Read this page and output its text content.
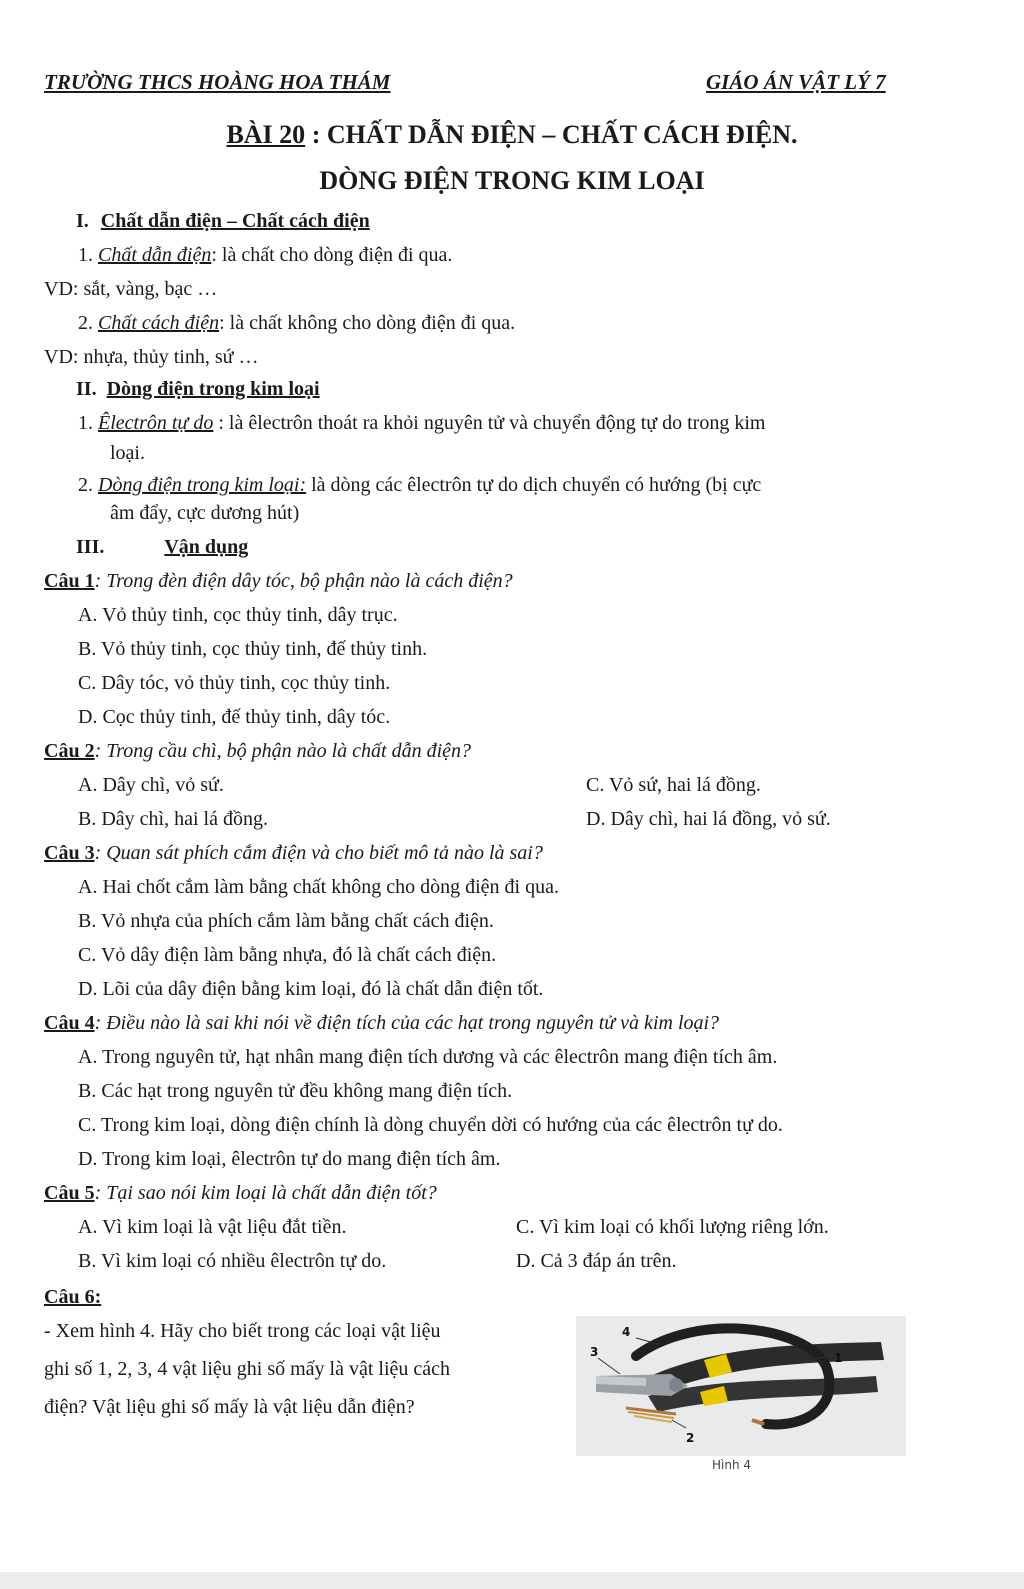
TRƯỜNG THCS HOÀNG HOA THÁM	GIÁO ÁN VẬT LÝ 7
BÀI 20 : CHẤT DẪN ĐIỆN – CHẤT CÁCH ĐIỆN.
DÒNG ĐIỆN TRONG KIM LOẠI
I. Chất dẫn điện – Chất cách điện
1. Chất dẫn điện: là chất cho dòng điện đi qua.
VD: sắt, vàng, bạc …
2. Chất cách điện: là chất không cho dòng điện đi qua.
VD: nhựa, thủy tinh, sứ …
II. Dòng điện trong kim loại
1. Êlectrôn tự do : là êlectrôn thoát ra khỏi nguyên tử và chuyển động tự do trong kim
loại.
2. Dòng điện trong kim loại: là dòng các êlectrôn tự do dịch chuyển có hướng (bị cực
âm đẩy, cực dương hút)
III.	Vận dụng
Câu 1: Trong đèn điện dây tóc, bộ phận nào là cách điện?
A. Vỏ thủy tinh, cọc thủy tinh, dây trục.
B. Vỏ thủy tinh, cọc thủy tinh, đế thủy tinh.
C. Dây tóc, vỏ thủy tinh, cọc thủy tinh.
D. Cọc thủy tinh, đế thủy tinh, dây tóc.
Câu 2: Trong cầu chì, bộ phận nào là chất dẫn điện?
A. Dây chì, vỏ sứ.	C. Vỏ sứ, hai lá đồng.
B. Dây chì, hai lá đồng.	D. Dây chì, hai lá đồng, vỏ sứ.
Câu 3: Quan sát phích cắm điện và cho biết mô tả nào là sai?
A. Hai chốt cắm làm bằng chất không cho dòng điện đi qua.
B. Vỏ nhựa của phích cắm làm bằng chất cách điện.
C. Vỏ dây điện làm bằng nhựa, đó là chất cách điện.
D. Lõi của dây điện bằng kim loại, đó là chất dẫn điện tốt.
Câu 4: Điều nào là sai khi nói về điện tích của các hạt trong nguyên tử và kim loại?
A. Trong nguyên tử, hạt nhân mang điện tích dương và các êlectrôn mang điện tích âm.
B. Các hạt trong nguyên tử đều không mang điện tích.
C. Trong kim loại, dòng điện chính là dòng chuyển dời có hướng của các êlectrôn tự do.
D. Trong kim loại, êlectrôn tự do mang điện tích âm.
Câu 5: Tại sao nói kim loại là chất dẫn điện tốt?
A. Vì kim loại là vật liệu đắt tiền.	C. Vì kim loại có khối lượng riêng lớn.
B. Vì kim loại có nhiều êlectrôn tự do.	D. Cả 3 đáp án trên.
Câu 6:
- Xem hình 4. Hãy cho biết trong các loại vật liệu
ghi số 1, 2, 3, 4 vật liệu ghi số mấy là vật liệu cách
điện? Vật liệu ghi số mấy là vật liệu dẫn điện?
4
3	1
2
Hình 4
